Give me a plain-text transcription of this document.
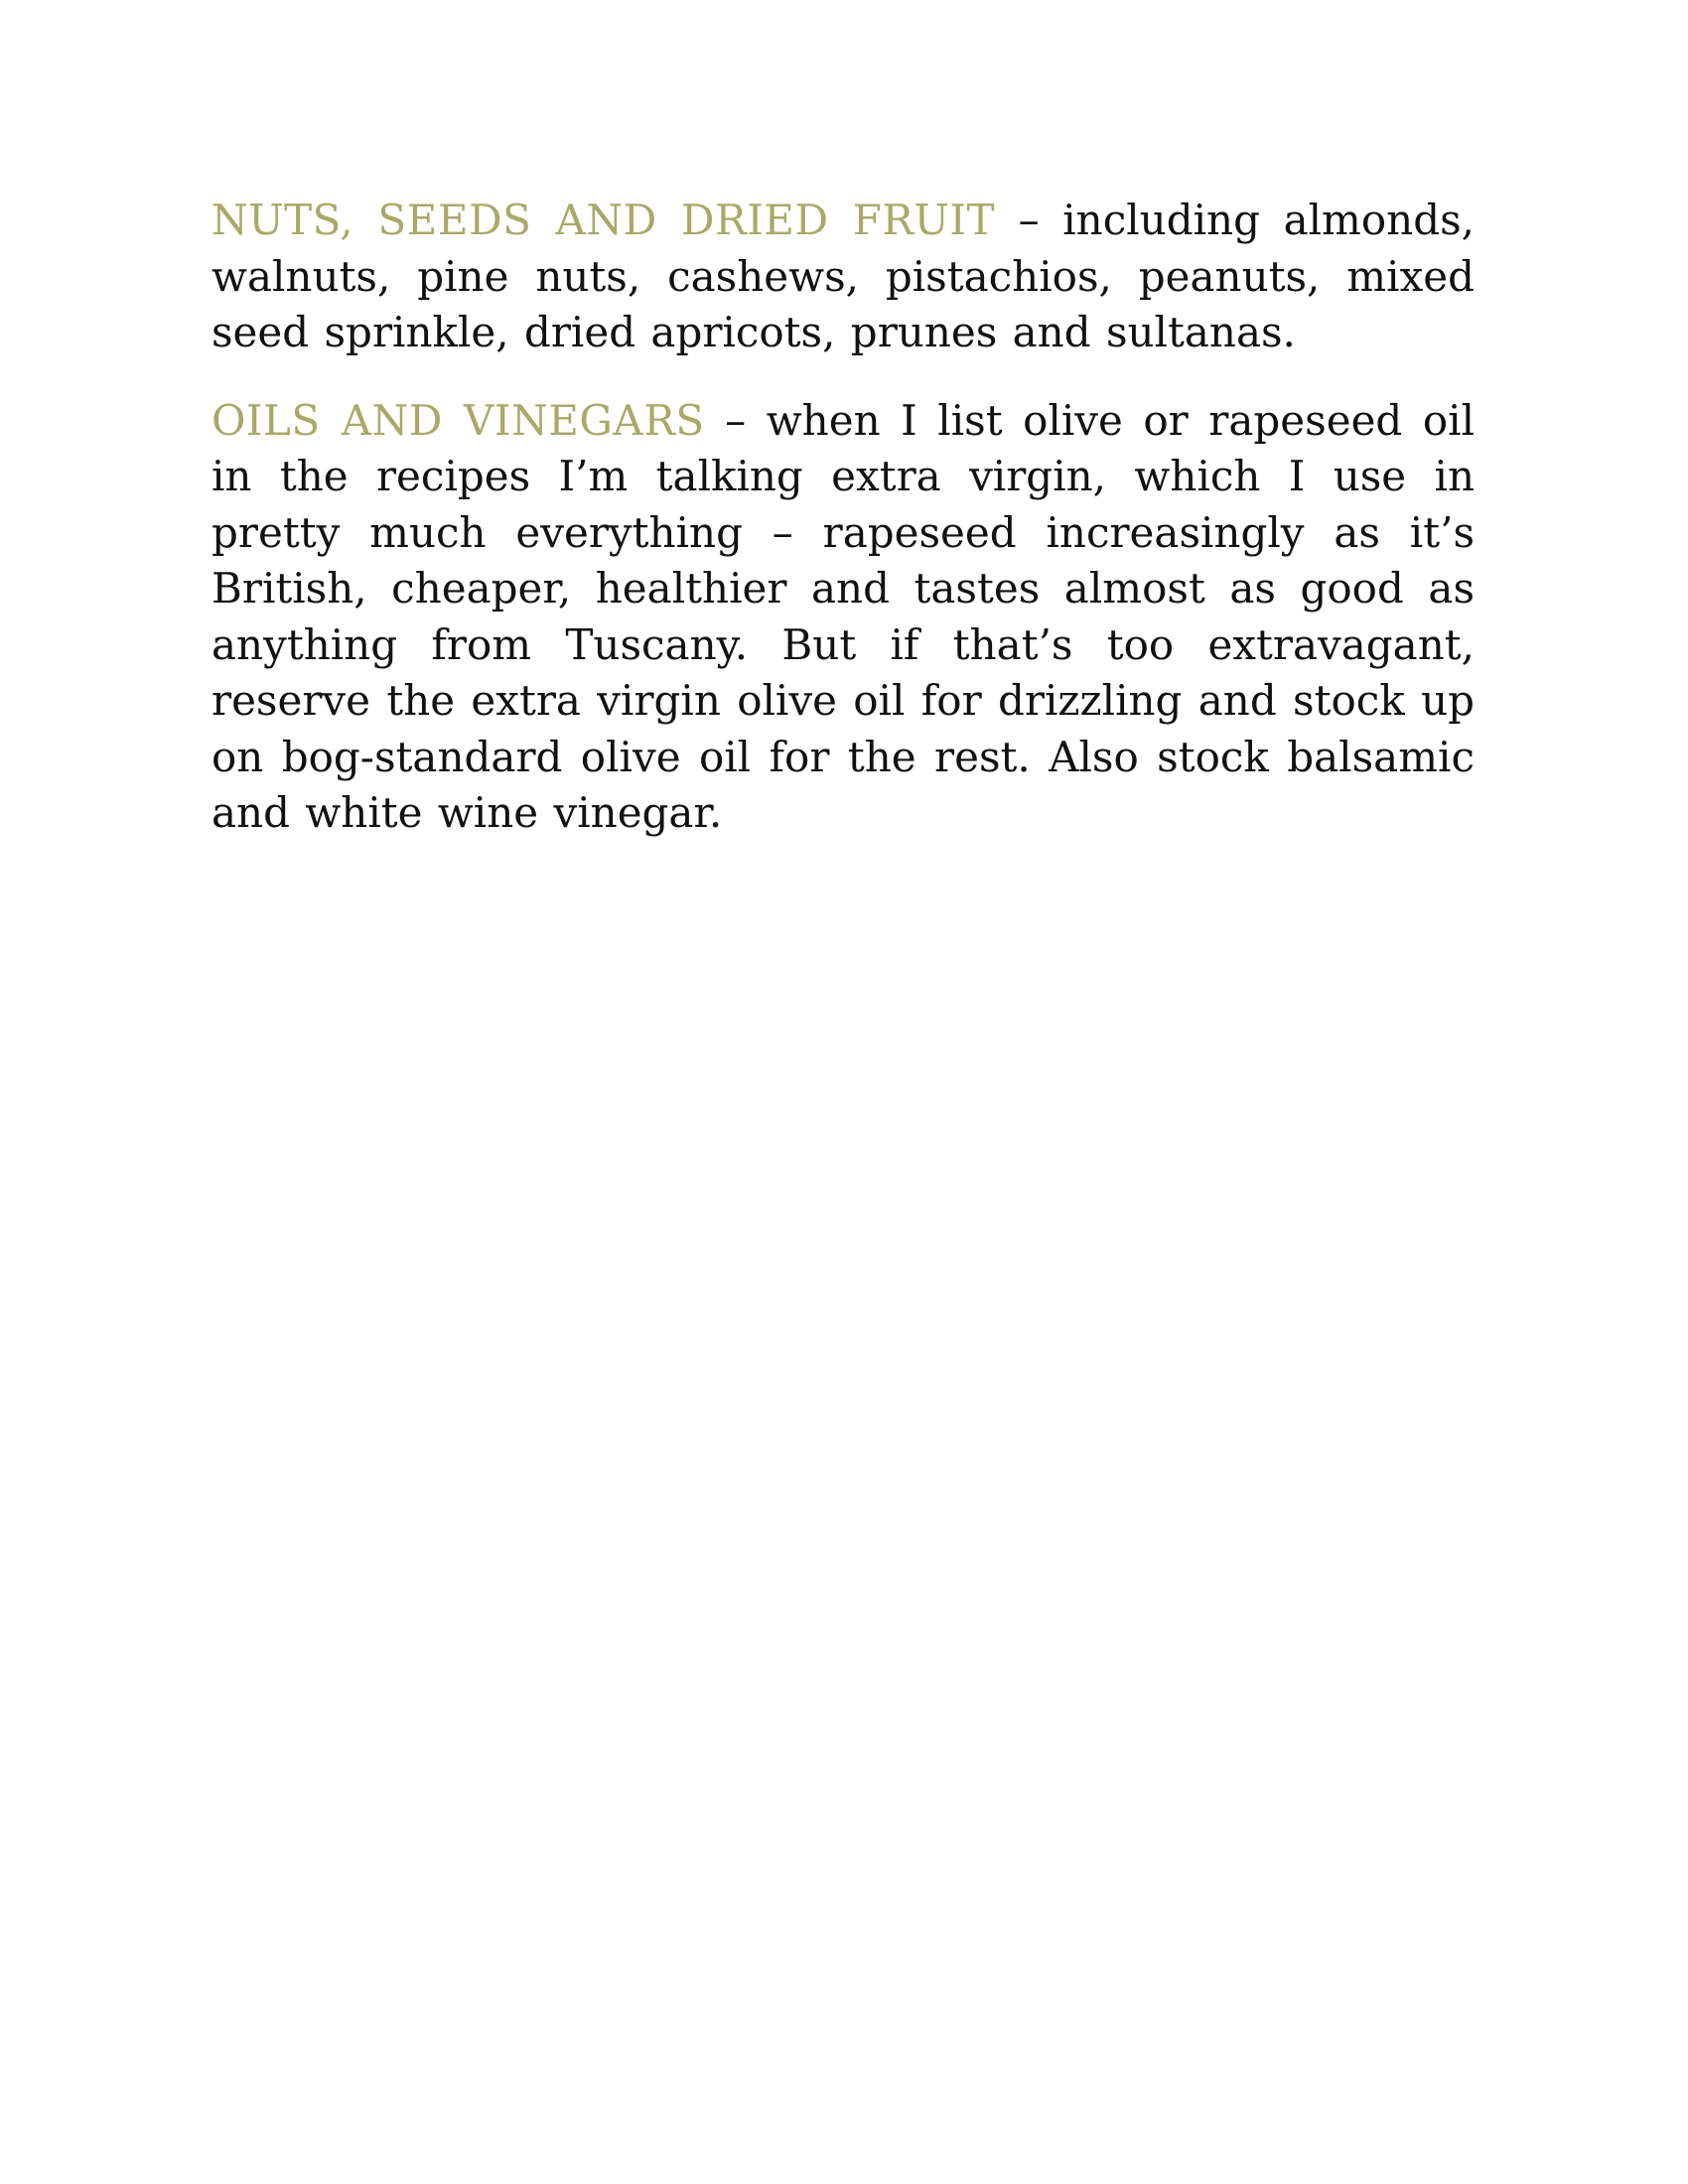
NUTS, SEEDS AND DRIED FRUIT – including almonds, walnuts, pine nuts, cashews, pistachios, peanuts, mixed seed sprinkle, dried apricots, prunes and sultanas.

OILS AND VINEGARS – when I list olive or rapeseed oil in the recipes I’m talking extra virgin, which I use in pretty much everything – rapeseed increasingly as it’s British, cheaper, healthier and tastes almost as good as anything from Tuscany. But if that’s too extravagant, reserve the extra virgin olive oil for drizzling and stock up on bog-standard olive oil for the rest. Also stock balsamic and white wine vinegar.
